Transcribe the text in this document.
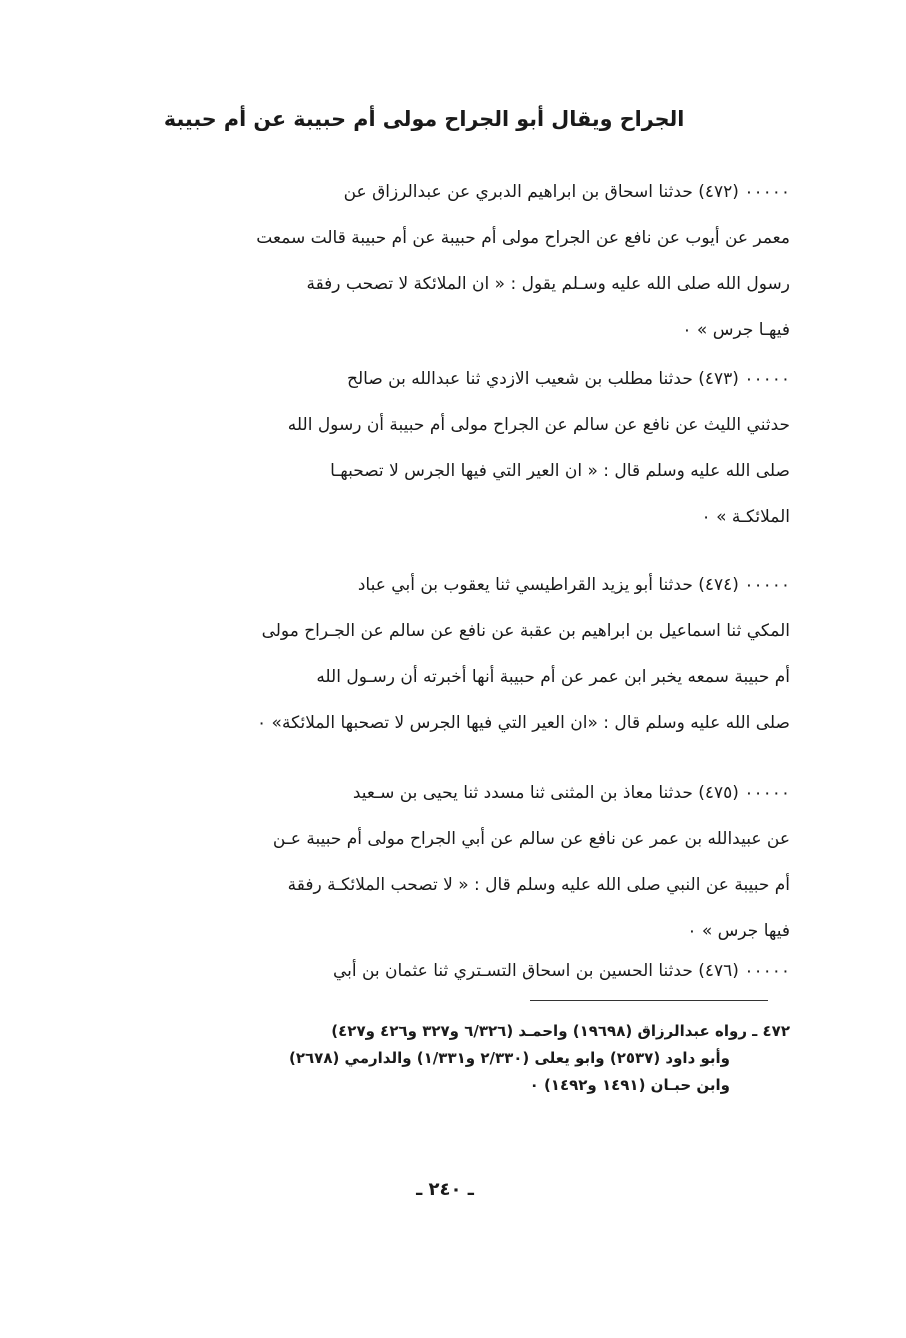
الجراح ويقال أبو الجراح مولى أم حبيبة عن أم حبيبة
٠٠٠٠٠ (٤٧٢) حدثنا اسحاق بن ابراهيم الدبري عن عبدالرزاق عن
معمر عن أيوب عن نافع عن الجراح مولى أم حبيبة عن أم حبيبة قالت سمعت
رسول الله صلى الله عليه وسـلم يقول : « ان الملائكة لا تصحب رفقة
فيهـا جرس » ٠
٠٠٠٠٠ (٤٧٣) حدثنا مطلب بن شعيب الازدي ثنا عبدالله بن صالح
حدثني الليث عن نافع عن سالم عن الجراح مولى أم حبيبة أن رسول الله
صلى الله عليه وسلم قال : « ان العير التي فيها الجرس لا تصحبهـا
الملائكـة » ٠
٠٠٠٠٠ (٤٧٤) حدثنا أبو يزيد القراطيسي ثنا يعقوب بن أبي عباد
المكي ثنا اسماعيل بن ابراهيم بن عقبة عن نافع عن سالم عن الجـراح مولى
أم حبيبة سمعه يخبر ابن عمر عن أم حبيبة أنها أخبرته أن رسـول الله
صلى الله عليه وسلم قال : «ان العير التي فيها الجرس لا تصحبها الملائكة» ٠
٠٠٠٠٠ (٤٧٥) حدثنا معاذ بن المثنى ثنا مسدد ثنا يحيى بن سـعيد
عن عبيدالله بن عمر عن نافع عن سالم عن أبي الجراح مولى أم حبيبة عـن
أم حبيبة عن النبي صلى الله عليه وسلم قال : « لا تصحب الملائكـة رفقة
فيها جرس » ٠
٠٠٠٠٠ (٤٧٦) حدثنا الحسين بن اسحاق التسـتري ثنا عثمان بن أبي
٤٧٢ ـ رواه عبدالرزاق (١٩٦٩٨) واحمـد (٦/٣٢٦ و٣٢٧ و٤٢٦ و٤٢٧)
وأبو داود (٢٥٣٧) وابو يعلى (٢/٣٣٠ و١/٣٣١) والدارمي (٢٦٧٨)
وابن حبـان (١٤٩١ و١٤٩٢) ٠
ـ ٢٤٠ ـ
